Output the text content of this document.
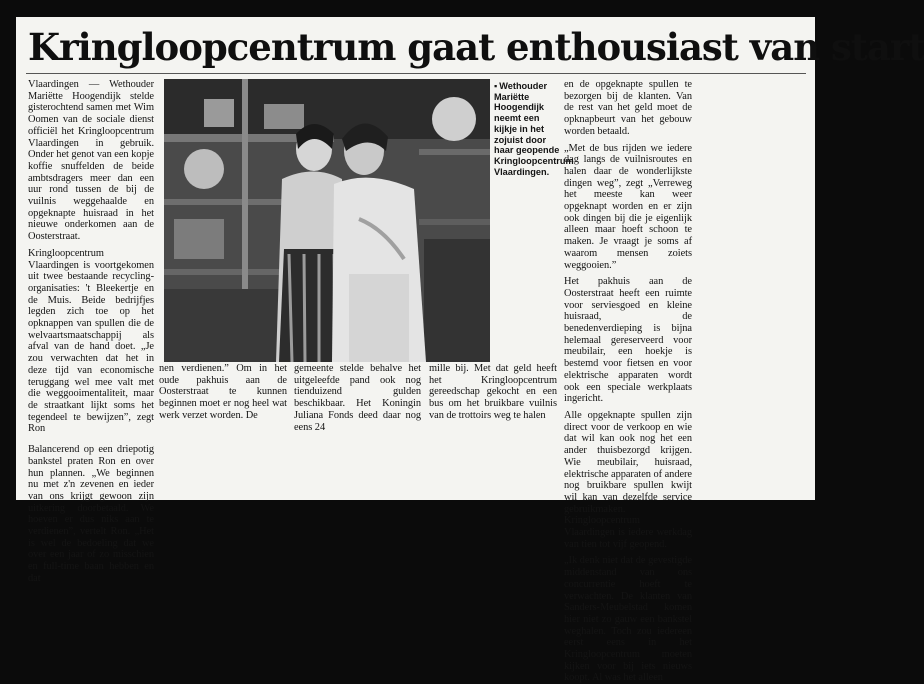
Kringloopcentrum gaat enthousiast van start

Vlaardingen — Wethouder Mariëtte Hoogendijk stelde gisterochtend samen met Wim Oomen van de sociale dienst officiël het Kringloopcentrum Vlaardingen in gebruik. Onder het genot van een kopje koffie snuffelden de beide ambtsdragers meer dan een uur rond tussen de bij de vuilnis weggehaalde en opgeknapte huisraad in het nieuwe onderkomen aan de Oosterstraat.

Kringloopcentrum Vlaardingen is voortgekomen uit twee bestaande recycling-organisaties: 't Bleekertje en de Muis. Beide bedrijfjes legden zich toe op het opknappen van spullen die de welvaartsmaatschappij als afval van de hand doet. „Je zou verwachten dat het in deze tijd van economische teruggang wel mee valt met die weggooimentaliteit, maar de straatkant lijkt soms het tegendeel te bewijzen”, zegt Ron

Balancerend op een driepotig bankstel praten Ron en over hun plannen. „We beginnen nu met z'n zevenen en ieder van ons krijgt gewoon zijn uitkering doorbetaald. We hoeven er dus niks aan te verdienen”, vertelt Ron. „Het is wel de bedoeling dat we over een jaar of zo misschien en full-time baan hebben en dat

▪ Wethouder Mariëtte Hoogendijk neemt een kijkje in het zojuist door haar geopende Kringloopcentrum Vlaardingen.

nen verdienen.” Om in het oude pakhuis aan de Oosterstraat te kunnen beginnen moet er nog heel wat werk verzet worden. De

gemeente stelde behalve het uitgeleefde pand ook nog tienduizend gulden beschikbaar. Het Koningin Juliana Fonds deed daar nog eens 24

mille bij. Met dat geld heeft het Kringloopcentrum gereedschap gekocht en een bus om het bruikbare vuilnis van de trottoirs weg te halen

en de opgeknapte spullen te bezorgen bij de klanten. Van de rest van het geld moet de opknapbeurt van het gebouw worden betaald.

„Met de bus rijden we iedere dag langs de vuilnisroutes en halen daar de wonderlijkste dingen weg”, zegt „Verreweg het meeste kan weer opgeknapt worden en er zijn ook dingen bij die je eigenlijk alleen maar hoeft schoon te maken. Je vraagt je soms af waarom mensen zoiets weggooien.”

Het pakhuis aan de Oosterstraat heeft een ruimte voor serviesgoed en kleine huisraad, de benedenverdieping is bijna helemaal gereserveerd voor meubilair, een hoekje is bestemd voor fietsen en voor elektrische apparaten wordt ook een speciale werkplaats ingericht.

Alle opgeknapte spullen zijn direct voor de verkoop en wie dat wil kan ook nog het een ander thuisbezorgd krijgen. Wie meubilair, huisraad, elektrische apparaten of andere nog bruikbare spullen kwijt wil kan van dezelfde service gebruikmaken. Kringloopcentrum Vlaardingen is iedere werkdag van tien tot vijf geopend.

„Ik denk niet dat de gevestigde middenstand van ons concurrentie hoeft te verwachten. De klanten van Sanders-Meubelstad komen hier niet zo gauw een bankstel weghalen. Toch zou iedereen eerst eens in het Kringloopcentrum moeten kijken voor bij iets nieuws koopt. Al was het alleen
